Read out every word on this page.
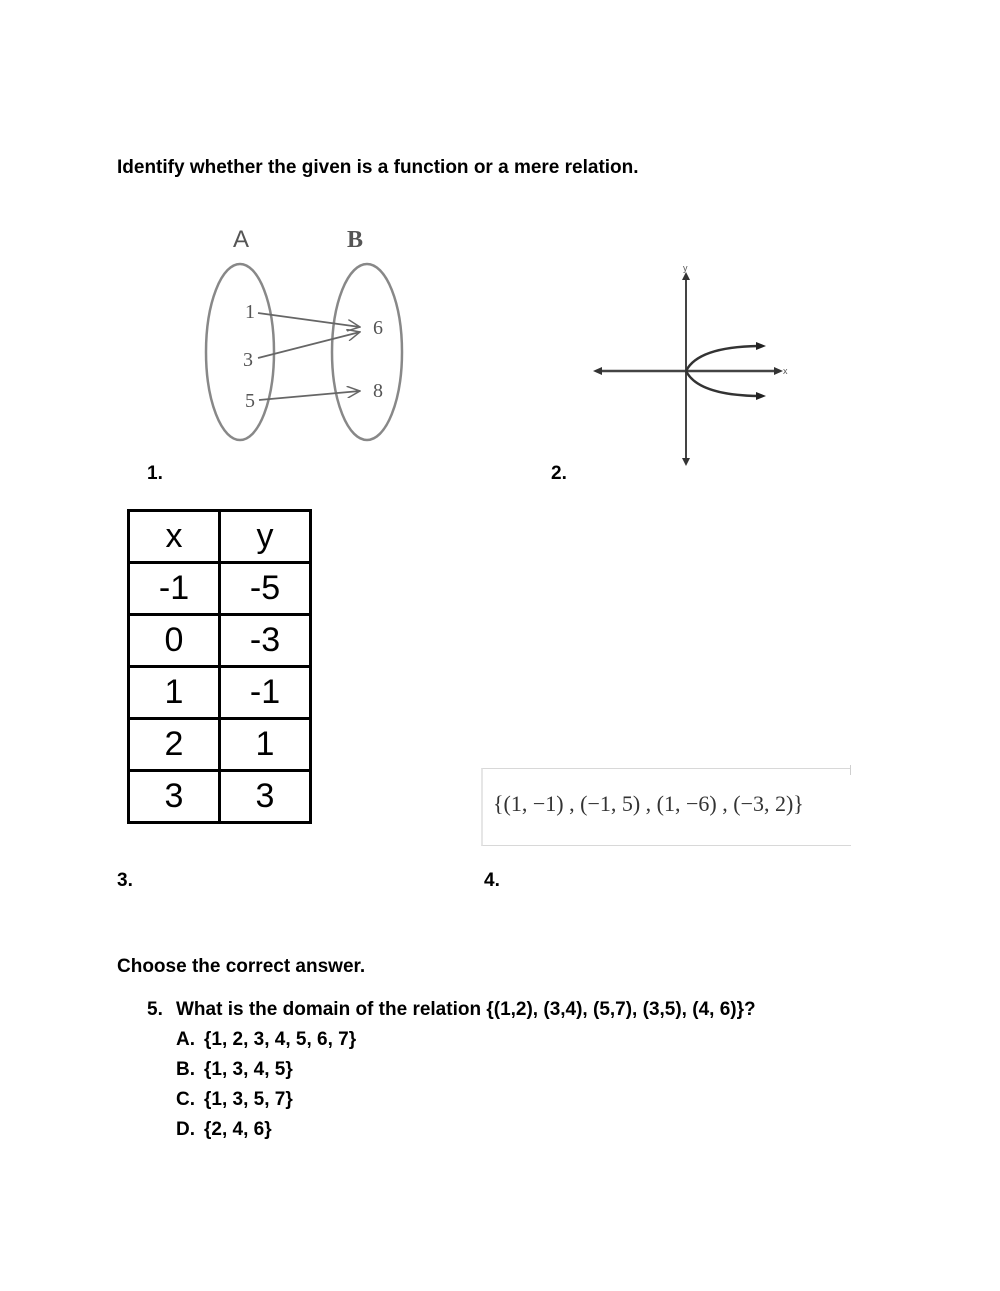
Identify whether the given is a function or a mere relation.
A	B
1
3
5
6
8
1.
y
x
2.
x	y
-1	-5
0	-3
1	-1
2	1
3	3
3.
{(1, −1) , (−1, 5) , (1, −6) , (−3, 2)}
4.
Choose the correct answer.
5. What is the domain of the relation {(1,2), (3,4), (5,7), (3,5), (4, 6)}?
A. {1, 2, 3, 4, 5, 6, 7}
B. {1, 3, 4, 5}
C. {1, 3, 5, 7}
D. {2, 4, 6}
